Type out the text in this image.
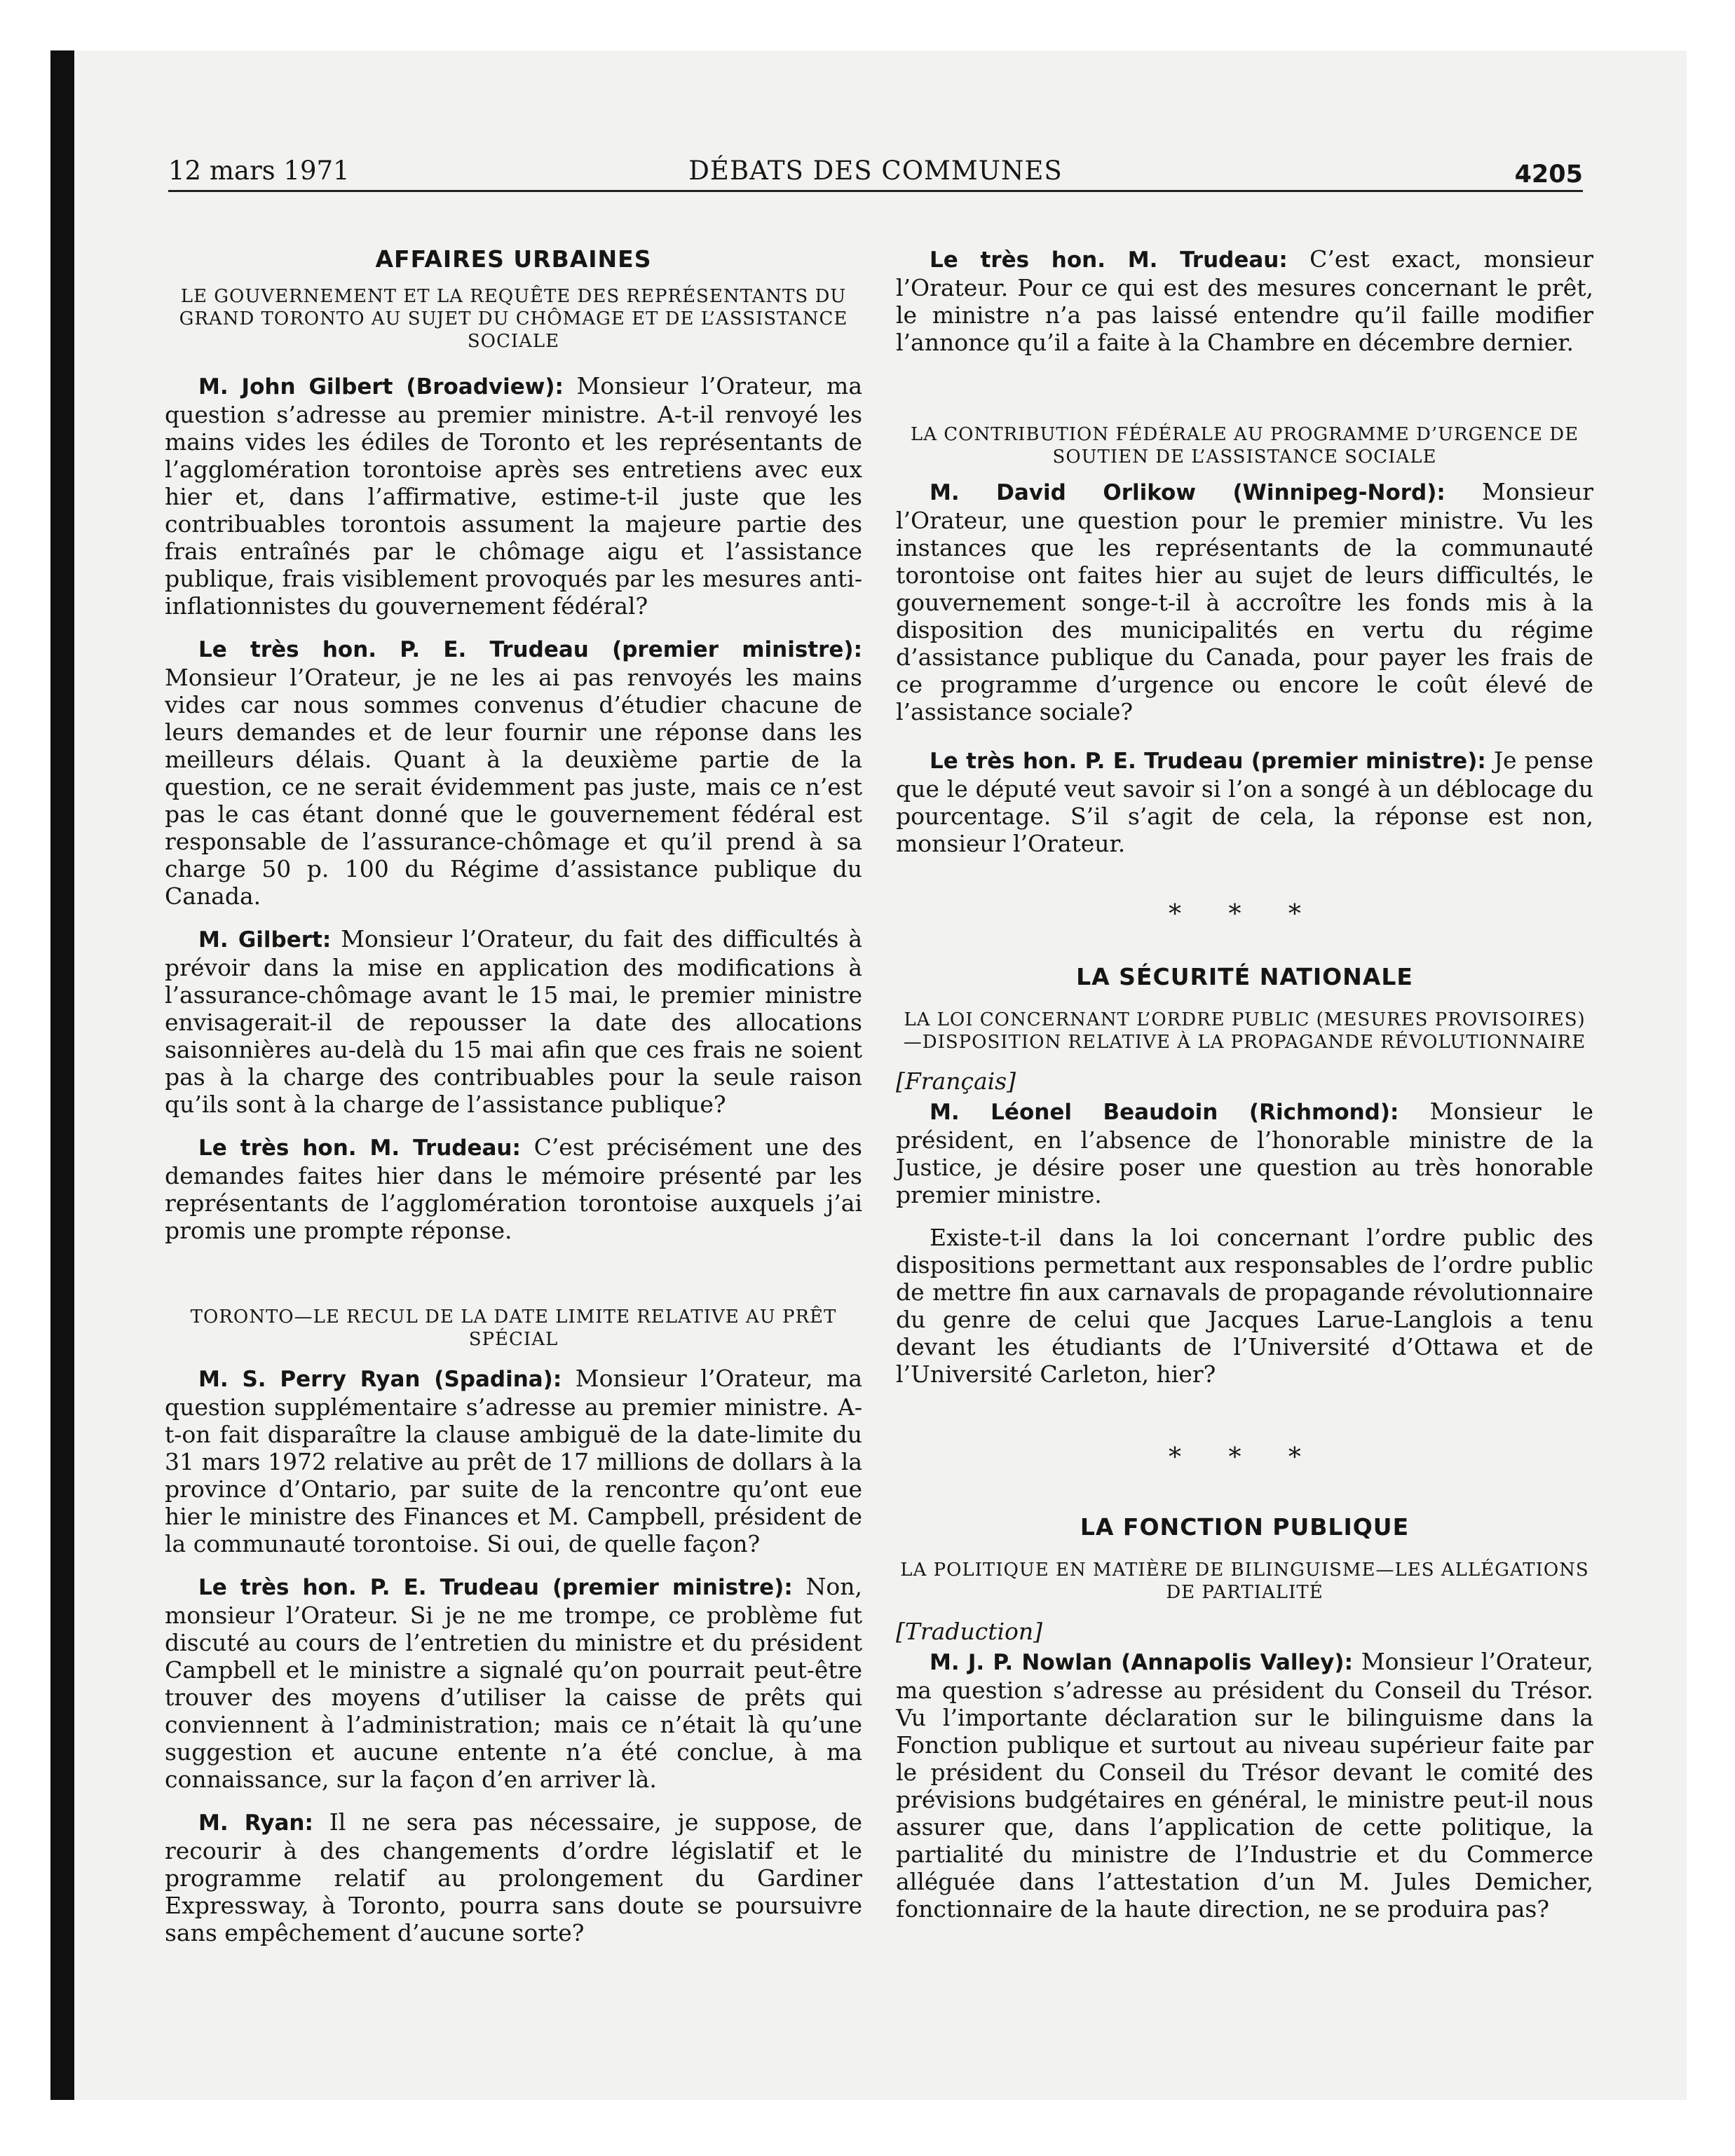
12 mars 1971	DÉBATS DES COMMUNES	4205
AFFAIRES URBAINES
LE GOUVERNEMENT ET LA REQUÊTE DES REPRÉSENTANTS DU GRAND TORONTO AU SUJET DU CHÔMAGE ET DE L’ASSISTANCE SOCIALE

M. John Gilbert (Broadview): Monsieur l’Orateur, ma question s’adresse au premier ministre. A-t-il renvoyé les mains vides les édiles de Toronto et les représentants de l’agglomération torontoise après ses entretiens avec eux hier et, dans l’affirmative, estime-t-il juste que les contribuables torontois assument la majeure partie des frais entraînés par le chômage aigu et l’assistance publique, frais visiblement provoqués par les mesures anti-inflationnistes du gouvernement fédéral?

Le très hon. P. E. Trudeau (premier ministre): Monsieur l’Orateur, je ne les ai pas renvoyés les mains vides car nous sommes convenus d’étudier chacune de leurs demandes et de leur fournir une réponse dans les meilleurs délais. Quant à la deuxième partie de la question, ce ne serait évidemment pas juste, mais ce n’est pas le cas étant donné que le gouvernement fédéral est responsable de l’assurance-chômage et qu’il prend à sa charge 50 p. 100 du Régime d’assistance publique du Canada.

M. Gilbert: Monsieur l’Orateur, du fait des difficultés à prévoir dans la mise en application des modifications à l’assurance-chômage avant le 15 mai, le premier ministre envisagerait-il de repousser la date des allocations saisonnières au-delà du 15 mai afin que ces frais ne soient pas à la charge des contribuables pour la seule raison qu’ils sont à la charge de l’assistance publique?

Le très hon. M. Trudeau: C’est précisément une des demandes faites hier dans le mémoire présenté par les représentants de l’agglomération torontoise auxquels j’ai promis une prompte réponse.

TORONTO—LE RECUL DE LA DATE LIMITE RELATIVE AU PRÊT SPÉCIAL

M. S. Perry Ryan (Spadina): Monsieur l’Orateur, ma question supplémentaire s’adresse au premier ministre. A-t-on fait disparaître la clause ambiguë de la date-limite du 31 mars 1972 relative au prêt de 17 millions de dollars à la province d’Ontario, par suite de la rencontre qu’ont eue hier le ministre des Finances et M. Campbell, président de la communauté torontoise. Si oui, de quelle façon?

Le très hon. P. E. Trudeau (premier ministre): Non, monsieur l’Orateur. Si je ne me trompe, ce problème fut discuté au cours de l’entretien du ministre et du président Campbell et le ministre a signalé qu’on pourrait peut-être trouver des moyens d’utiliser la caisse de prêts qui conviennent à l’administration; mais ce n’était là qu’une suggestion et aucune entente n’a été conclue, à ma connaissance, sur la façon d’en arriver là.

M. Ryan: Il ne sera pas nécessaire, je suppose, de recourir à des changements d’ordre législatif et le programme relatif au prolongement du Gardiner Expressway, à Toronto, pourra sans doute se poursuivre sans empêchement d’aucune sorte?

Le très hon. M. Trudeau: C’est exact, monsieur l’Orateur. Pour ce qui est des mesures concernant le prêt, le ministre n’a pas laissé entendre qu’il faille modifier l’annonce qu’il a faite à la Chambre en décembre dernier.

LA CONTRIBUTION FÉDÉRALE AU PROGRAMME D’URGENCE DE SOUTIEN DE L’ASSISTANCE SOCIALE

M. David Orlikow (Winnipeg-Nord): Monsieur l’Orateur, une question pour le premier ministre. Vu les instances que les représentants de la communauté torontoise ont faites hier au sujet de leurs difficultés, le gouvernement songe-t-il à accroître les fonds mis à la disposition des municipalités en vertu du régime d’assistance publique du Canada, pour payer les frais de ce programme d’urgence ou encore le coût élevé de l’assistance sociale?

Le très hon. P. E. Trudeau (premier ministre): Je pense que le député veut savoir si l’on a songé à un déblocage du pourcentage. S’il s’agit de cela, la réponse est non, monsieur l’Orateur.

* * *
LA SÉCURITÉ NATIONALE
LA LOI CONCERNANT L’ORDRE PUBLIC (MESURES PROVISOIRES)—DISPOSITION RELATIVE À LA PROPAGANDE RÉVOLUTIONNAIRE

[Français]

M. Léonel Beaudoin (Richmond): Monsieur le président, en l’absence de l’honorable ministre de la Justice, je désire poser une question au très honorable premier ministre.

Existe-t-il dans la loi concernant l’ordre public des dispositions permettant aux responsables de l’ordre public de mettre fin aux carnavals de propagande révolutionnaire du genre de celui que Jacques Larue-Langlois a tenu devant les étudiants de l’Université d’Ottawa et de l’Université Carleton, hier?

* * *
LA FONCTION PUBLIQUE
LA POLITIQUE EN MATIÈRE DE BILINGUISME—LES ALLÉGATIONS DE PARTIALITÉ

[Traduction]

M. J. P. Nowlan (Annapolis Valley): Monsieur l’Orateur, ma question s’adresse au président du Conseil du Trésor. Vu l’importante déclaration sur le bilinguisme dans la Fonction publique et surtout au niveau supérieur faite par le président du Conseil du Trésor devant le comité des prévisions budgétaires en général, le ministre peut-il nous assurer que, dans l’application de cette politique, la partialité du ministre de l’Industrie et du Commerce alléguée dans l’attestation d’un M. Jules Demicher, fonctionnaire de la haute direction, ne se produira pas?
